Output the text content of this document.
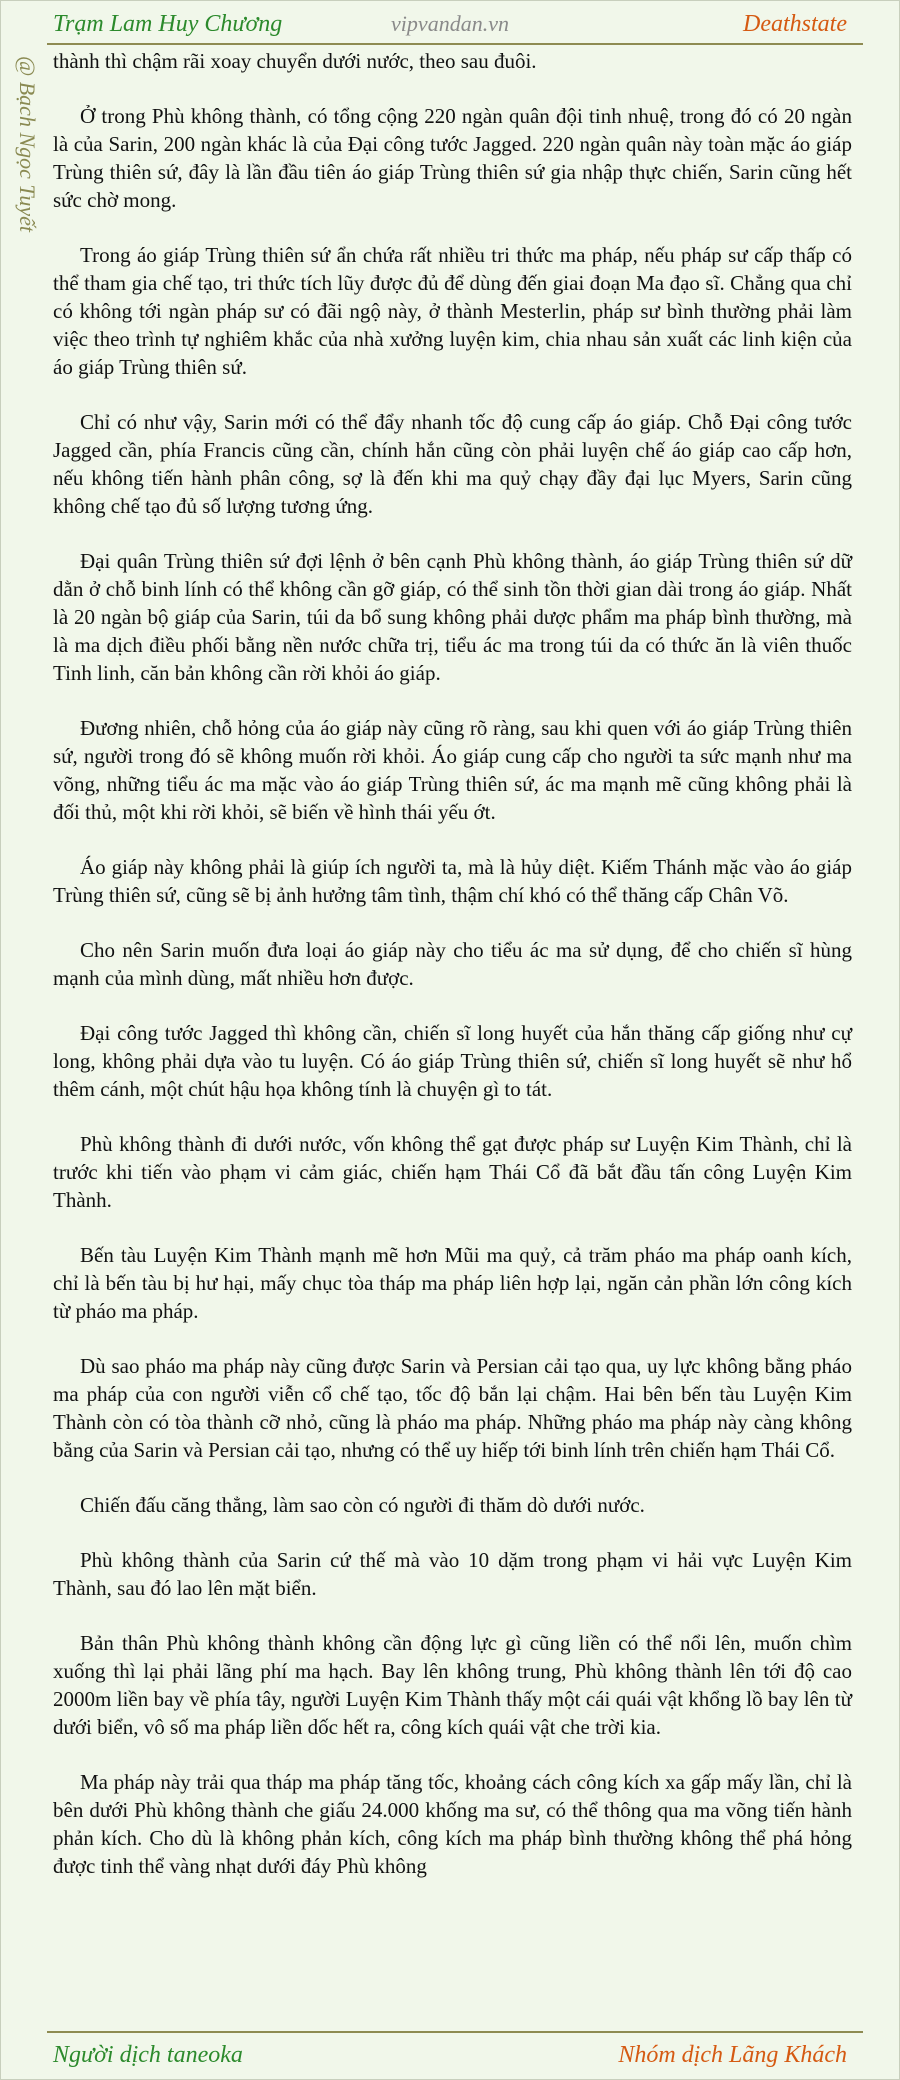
Trạm Lam Huy Chương	vipvandan.vn	Deathstate
@ Bạch Ngọc Tuyết thành thì chậm rãi xoay chuyển dưới nước, theo sau đuôi.

Ở trong Phù không thành, có tổng cộng 220 ngàn quân đội tinh nhuệ, trong đó có 20 ngàn là của Sarin, 200 ngàn khác là của Đại công tước Jagged. 220 ngàn quân này toàn mặc áo giáp Trùng thiên sứ, đây là lần đầu tiên áo giáp Trùng thiên sứ gia nhập thực chiến, Sarin cũng hết sức chờ mong.

Trong áo giáp Trùng thiên sứ ẩn chứa rất nhiều tri thức ma pháp, nếu pháp sư cấp thấp có thể tham gia chế tạo, tri thức tích lũy được đủ để dùng đến giai đoạn Ma đạo sĩ. Chẳng qua chỉ có không tới ngàn pháp sư có đãi ngộ này, ở thành Mesterlin, pháp sư bình thường phải làm việc theo trình tự nghiêm khắc của nhà xưởng luyện kim, chia nhau sản xuất các linh kiện của áo giáp Trùng thiên sứ.

Chỉ có như vậy, Sarin mới có thể đẩy nhanh tốc độ cung cấp áo giáp. Chỗ Đại công tước Jagged cần, phía Francis cũng cần, chính hắn cũng còn phải luyện chế áo giáp cao cấp hơn, nếu không tiến hành phân công, sợ là đến khi ma quỷ chạy đầy đại lục Myers, Sarin cũng không chế tạo đủ số lượng tương ứng.

Đại quân Trùng thiên sứ đợi lệnh ở bên cạnh Phù không thành, áo giáp Trùng thiên sứ dữ dằn ở chỗ binh lính có thể không cần gỡ giáp, có thể sinh tồn thời gian dài trong áo giáp. Nhất là 20 ngàn bộ giáp của Sarin, túi da bổ sung không phải dược phẩm ma pháp bình thường, mà là ma dịch điều phối bằng nền nước chữa trị, tiểu ác ma trong túi da có thức ăn là viên thuốc Tinh linh, căn bản không cần rời khỏi áo giáp.

Đương nhiên, chỗ hỏng của áo giáp này cũng rõ ràng, sau khi quen với áo giáp Trùng thiên sứ, người trong đó sẽ không muốn rời khỏi. Áo giáp cung cấp cho người ta sức mạnh như ma võng, những tiểu ác ma mặc vào áo giáp Trùng thiên sứ, ác ma mạnh mẽ cũng không phải là đối thủ, một khi rời khỏi, sẽ biến về hình thái yếu ớt.

Áo giáp này không phải là giúp ích người ta, mà là hủy diệt. Kiếm Thánh mặc vào áo giáp Trùng thiên sứ, cũng sẽ bị ảnh hưởng tâm tình, thậm chí khó có thể thăng cấp Chân Võ.

Cho nên Sarin muốn đưa loại áo giáp này cho tiểu ác ma sử dụng, để cho chiến sĩ hùng mạnh của mình dùng, mất nhiều hơn được.

Đại công tước Jagged thì không cần, chiến sĩ long huyết của hắn thăng cấp giống như cự long, không phải dựa vào tu luyện. Có áo giáp Trùng thiên sứ, chiến sĩ long huyết sẽ như hổ thêm cánh, một chút hậu họa không tính là chuyện gì to tát.

Phù không thành đi dưới nước, vốn không thể gạt được pháp sư Luyện Kim Thành, chỉ là trước khi tiến vào phạm vi cảm giác, chiến hạm Thái Cổ đã bắt đầu tấn công Luyện Kim Thành.

Bến tàu Luyện Kim Thành mạnh mẽ hơn Mũi ma quỷ, cả trăm pháo ma pháp oanh kích, chỉ là bến tàu bị hư hại, mấy chục tòa tháp ma pháp liên hợp lại, ngăn cản phần lớn công kích từ pháo ma pháp.

Dù sao pháo ma pháp này cũng được Sarin và Persian cải tạo qua, uy lực không bằng pháo ma pháp của con người viễn cổ chế tạo, tốc độ bắn lại chậm. Hai bên bến tàu Luyện Kim Thành còn có tòa thành cỡ nhỏ, cũng là pháo ma pháp. Những pháo ma pháp này càng không bằng của Sarin và Persian cải tạo, nhưng có thể uy hiếp tới binh lính trên chiến hạm Thái Cổ.

Chiến đấu căng thẳng, làm sao còn có người đi thăm dò dưới nước.

Phù không thành của Sarin cứ thế mà vào 10 dặm trong phạm vi hải vực Luyện Kim Thành, sau đó lao lên mặt biển.

Bản thân Phù không thành không cần động lực gì cũng liền có thể nổi lên, muốn chìm xuống thì lại phải lãng phí ma hạch. Bay lên không trung, Phù không thành lên tới độ cao 2000m liền bay về phía tây, người Luyện Kim Thành thấy một cái quái vật khổng lồ bay lên từ dưới biển, vô số ma pháp liền dốc hết ra, công kích quái vật che trời kia.

Ma pháp này trải qua tháp ma pháp tăng tốc, khoảng cách công kích xa gấp mấy lần, chỉ là bên dưới Phù không thành che giấu 24.000 khống ma sư, có thể thông qua ma võng tiến hành phản kích. Cho dù là không phản kích, công kích ma pháp bình thường không thể phá hỏng được tinh thể vàng nhạt dưới đáy Phù không

Người dịch taneoka	Nhóm dịch Lãng Khách
